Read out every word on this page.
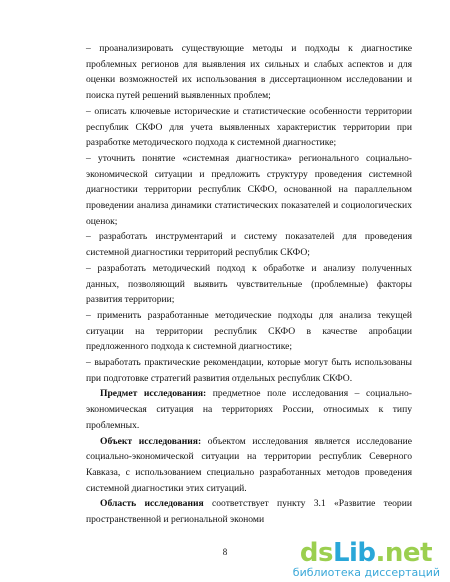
– проанализировать существующие методы и подходы к диагностике проблемных регионов для выявления их сильных и слабых аспектов и для оценки возможностей их использования в диссертационном исследовании и поиска путей решений выявленных проблем;

– описать ключевые исторические и статистические особенности территории республик СКФО для учета выявленных характеристик территории при разработке методического подхода к системной диагностике;

– уточнить понятие «системная диагностика» регионального социально-экономической ситуации и предложить структуру проведения системной диагностики территории республик СКФО, основанной на параллельном проведении анализа динамики статистических показателей и социологических оценок;

– разработать инструментарий и систему показателей для проведения системной диагностики территорий республик СКФО;

– разработать методический подход к обработке и анализу полученных данных, позволяющий выявить чувствительные (проблемные) факторы развития территории;

– применить разработанные методические подходы для анализа текущей ситуации на территории республик СКФО в качестве апробации предложенного подхода к системной диагностике;

– выработать практические рекомендации, которые могут быть использованы при подготовке стратегий развития отдельных республик СКФО.

Предмет исследования: предметное поле исследования – социально-экономическая ситуация на территориях России, относимых к типу проблемных.

Объект исследования: объектом исследования является исследование социально-экономической ситуации на территории республик Северного Кавказа, с использованием специально разработанных методов проведения системной диагностики этих ситуаций.

Область исследования соответствует пункту 3.1 «Развитие теории пространственной и региональной экономи

8	dsLib.net
библиотека диссертаций
